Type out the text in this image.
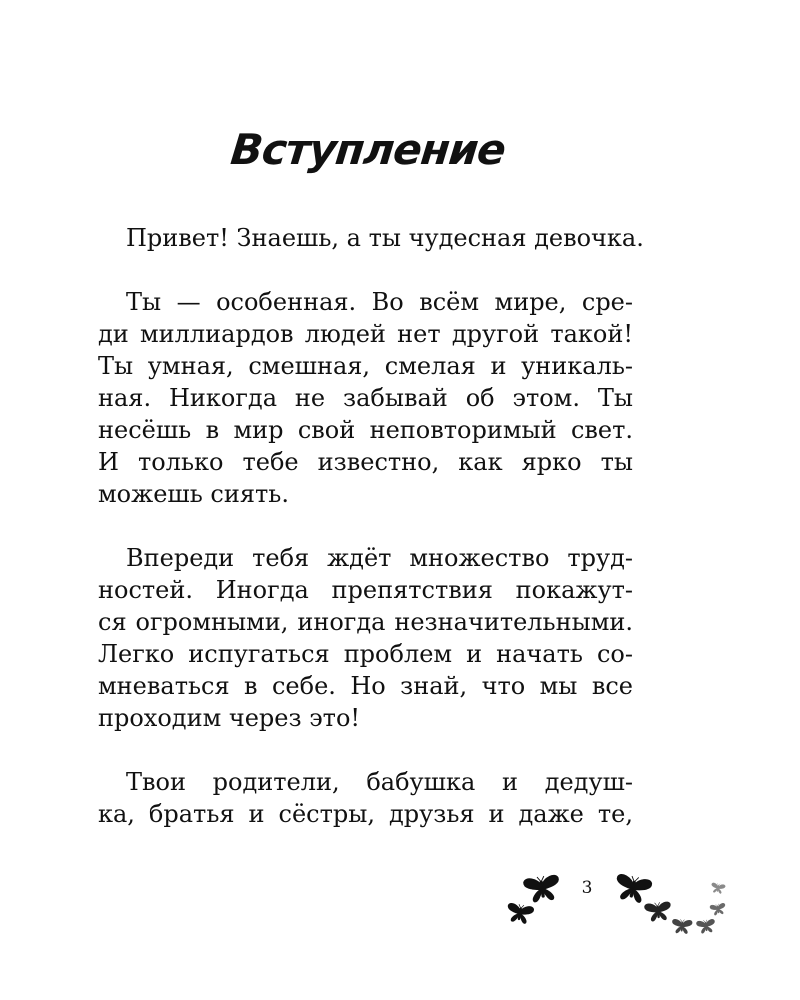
Вступление
Привет! Знаешь, а ты чудесная девочка.
Ты — особенная. Во всём мире, сре-
ди миллиардов людей нет другой такой!
Ты умная, смешная, смелая и уникаль-
ная. Никогда не забывай об этом. Ты
несёшь в мир свой неповторимый свет.
И только тебе известно, как ярко ты
можешь сиять.
Впереди тебя ждёт множество труд-
ностей. Иногда препятствия покажут-
ся огромными, иногда незначительными.
Легко испугаться проблем и начать со-
мневаться в себе. Но знай, что мы все
проходим через это!
Твои родители, бабушка и дедуш-
ка, братья и сёстры, друзья и даже те,
3
